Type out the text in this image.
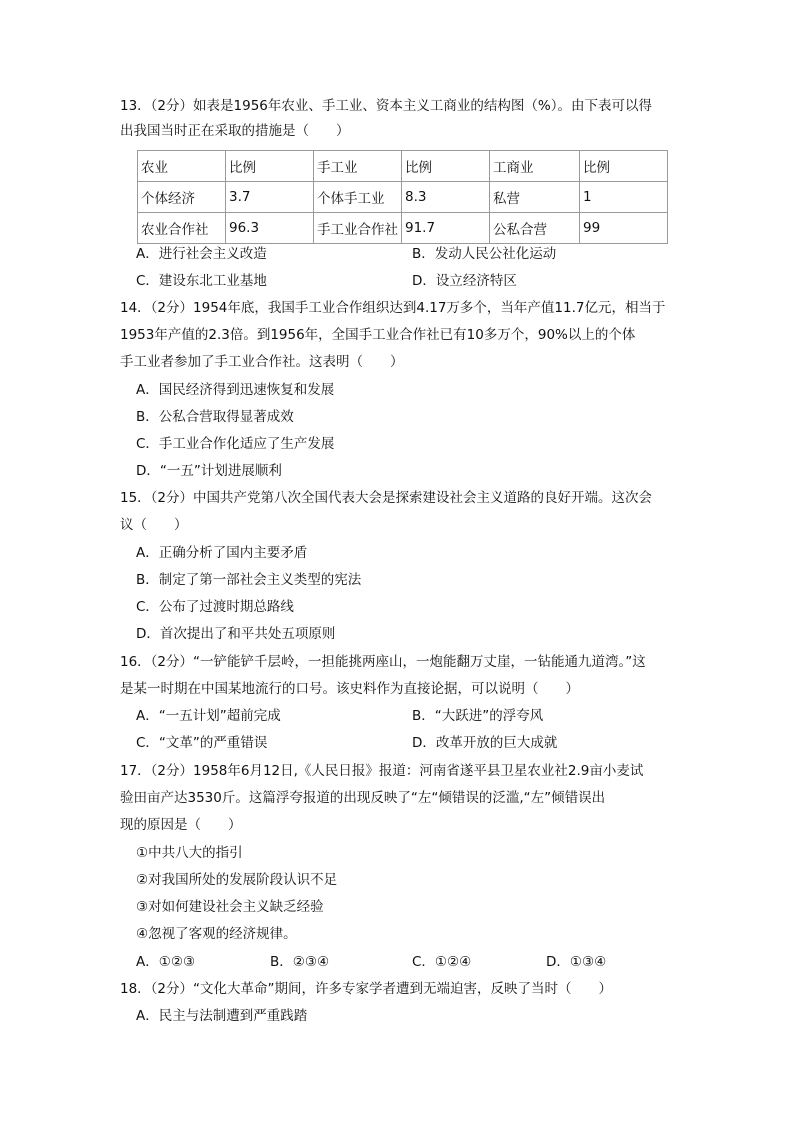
13．（2分）如表是1956年农业、手工业、资本主义工商业的结构图（%）。由下表可以得
出我国当时正在采取的措施是（　　）
农业	比例	手工业	比例	工商业	比例
个体经济	3.7	个体手工业	8.3	私营	1
农业合作社	96.3	手工业合作社	91.7	公私合营	99
A．进行社会主义改造	B．发动人民公社化运动
C．建设东北工业基地	D．设立经济特区
14．（2分）1954年底，我国手工业合作组织达到4.17万多个，当年产值11.7亿元，相当于
1953年产值的2.3倍。到1956年，全国手工业合作社已有10多万个，90%以上的个体
手工业者参加了手工业合作社。这表明（　　）
A．国民经济得到迅速恢复和发展
B．公私合营取得显著成效
C．手工业合作化适应了生产发展
D．“一五”计划进展顺利
15．（2分）中国共产党第八次全国代表大会是探索建设社会主义道路的良好开端。这次会
议（　　）
A．正确分析了国内主要矛盾
B．制定了第一部社会主义类型的宪法
C．公布了过渡时期总路线
D．首次提出了和平共处五项原则
16．（2分）“一铲能铲千层岭，一担能挑两座山，一炮能翻万丈崖，一钻能通九道湾。”这
是某一时期在中国某地流行的口号。该史料作为直接论据，可以说明（　　）
A．“一五计划”超前完成	B．“大跃进”的浮夸风
C．“文革”的严重错误	D．改革开放的巨大成就
17．（2分）1958年6月12日,《人民日报》报道：河南省遂平县卫星农业社2.9亩小麦试
验田亩产达3530斤。这篇浮夸报道的出现反映了“左“倾错误的泛滥,“左”倾错误出
现的原因是（　　）
①中共八大的指引
②对我国所处的发展阶段认识不足
③对如何建设社会主义缺乏经验
④忽视了客观的经济规律。
A．①②③	B．②③④	C．①②④	D．①③④
18．（2分）“文化大革命”期间，许多专家学者遭到无端迫害，反映了当时（　　）
A．民主与法制遭到严重践踏
